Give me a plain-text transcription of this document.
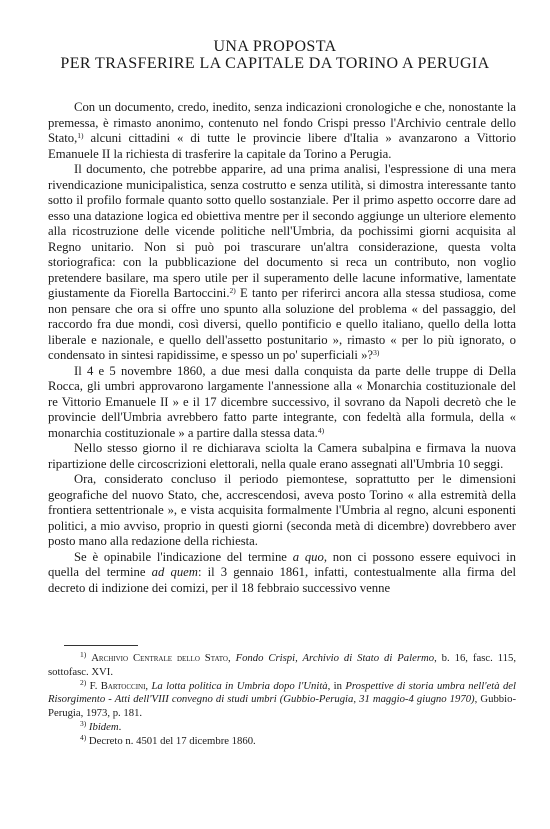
UNA PROPOSTA
PER TRASFERIRE LA CAPITALE DA TORINO A PERUGIA

Con un documento, credo, inedito, senza indicazioni cronologiche e che, nonostante la premessa, è rimasto anonimo, contenuto nel fondo Crispi presso l'Archivio centrale dello Stato,$^{1)}$ alcuni cittadini « di tutte le provincie libere d'Italia » avanzarono a Vittorio Emanuele II la richiesta di trasferire la capitale da Torino a Perugia.

Il documento, che potrebbe apparire, ad una prima analisi, l'espressione di una mera rivendicazione municipalistica, senza costrutto e senza utilità, si dimostra interessante tanto sotto il profilo formale quanto sotto quello sostanziale. Per il primo aspetto occorre dare ad esso una datazione logica ed obiettiva mentre per il secondo aggiunge un ulteriore elemento alla ricostruzione delle vicende politiche nell'Umbria, da pochissimi giorni acquisita al Regno unitario. Non si può poi trascurare un'altra considerazione, questa volta storiografica: con la pubblicazione del documento si reca un contributo, non voglio pretendere basilare, ma spero utile per il superamento delle lacune informative, lamentate giustamente da Fiorella Bartoccini.$^{2)}$ E tanto per riferirci ancora alla stessa studiosa, come non pensare che ora si offre uno spunto alla soluzione del problema « del passaggio, del raccordo fra due mondi, così diversi, quello pontificio e quello italiano, quello della lotta liberale e nazionale, e quello dell'assetto postunitario », rimasto « per lo più ignorato, o condensato in sintesi rapidissime, e spesso un po' superficiali »?$^{3)}$

Il 4 e 5 novembre 1860, a due mesi dalla conquista da parte delle truppe di Della Rocca, gli umbri approvarono largamente l'annessione alla « Monarchia costituzionale del re Vittorio Emanuele II » e il 17 dicembre successivo, il sovrano da Napoli decretò che le provincie dell'Umbria avrebbero fatto parte integrante, con fedeltà alla formula, della « monarchia costituzionale » a partire dalla stessa data.$^{4)}$

Nello stesso giorno il re dichiarava sciolta la Camera subalpina e firmava la nuova ripartizione delle circoscrizioni elettorali, nella quale erano assegnati all'Umbria 10 seggi.

Ora, considerato concluso il periodo piemontese, soprattutto per le dimensioni geografiche del nuovo Stato, che, accrescendosi, aveva posto Torino « alla estremità della frontiera settentrionale », e vista acquisita formalmente l'Umbria al regno, alcuni esponenti politici, a mio avviso, proprio in questi giorni (seconda metà di dicembre) dovrebbero aver posto mano alla redazione della richiesta.

Se è opinabile l'indicazione del termine a quo, non ci possono essere equivoci in quella del termine ad quem: il 3 gennaio 1861, infatti, contestualmente alla firma del decreto di indizione dei comizi, per il 18 febbraio successivo venne

$^{1)}$ Archivio Centrale dello Stato, Fondo Crispi, Archivio di Stato di Palermo, b. 16, fasc. 115, sottofasc. XVI.

$^{2)}$ F. Bartoccini, La lotta politica in Umbria dopo l'Unità, in Prospettive di storia umbra nell'età del Risorgimento - Atti dell'VIII convegno di studi umbri (Gubbio-Perugia, 31 maggio-4 giugno 1970), Gubbio-Perugia, 1973, p. 181.

$^{3)}$ Ibidem.

$^{4)}$ Decreto n. 4501 del 17 dicembre 1860.
